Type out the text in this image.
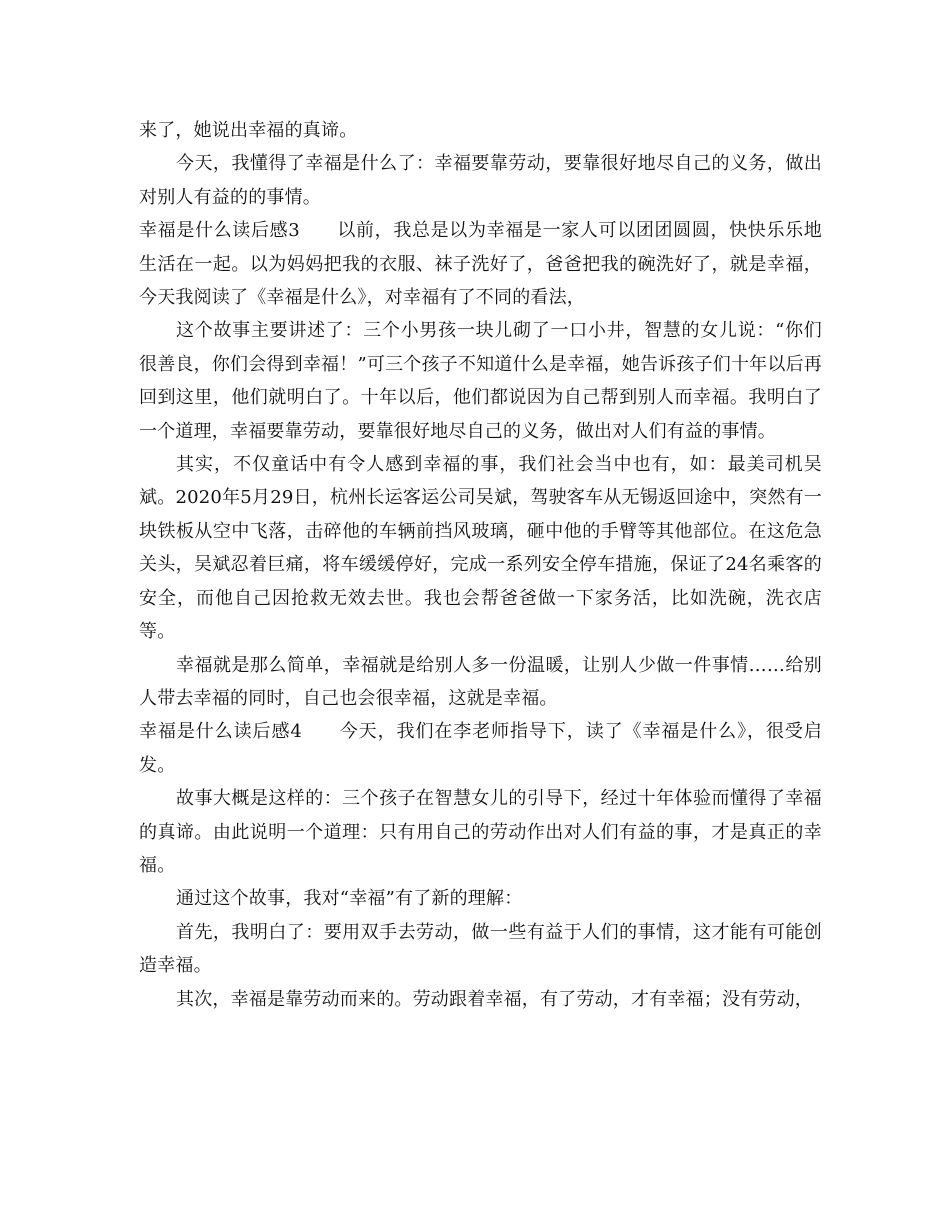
来了，她说出幸福的真谛。

今天，我懂得了幸福是什么了：幸福要靠劳动，要靠很好地尽自己的义务，做出对别人有益的的事情。

幸福是什么读后感3 以前，我总是以为幸福是一家人可以团团圆圆，快快乐乐地生活在一起。以为妈妈把我的衣服、袜子洗好了，爸爸把我的碗洗好了，就是幸福，今天我阅读了《幸福是什么》，对幸福有了不同的看法，

这个故事主要讲述了：三个小男孩一块儿砌了一口小井，智慧的女儿说：“你们很善良，你们会得到幸福！”可三个孩子不知道什么是幸福，她告诉孩子们十年以后再回到这里，他们就明白了。十年以后，他们都说因为自己帮到别人而幸福。我明白了一个道理，幸福要靠劳动，要靠很好地尽自己的义务，做出对人们有益的事情。

其实，不仅童话中有令人感到幸福的事，我们社会当中也有，如：最美司机吴斌。2020年5月29日，杭州长运客运公司吴斌，驾驶客车从无锡返回途中，突然有一块铁板从空中飞落，击碎他的车辆前挡风玻璃，砸中他的手臂等其他部位。在这危急关头，吴斌忍着巨痛，将车缓缓停好，完成一系列安全停车措施，保证了24名乘客的安全，而他自己因抢救无效去世。我也会帮爸爸做一下家务活，比如洗碗，洗衣店等。

幸福就是那么简单，幸福就是给别人多一份温暖，让别人少做一件事情……给别人带去幸福的同时，自己也会很幸福，这就是幸福。

幸福是什么读后感4 今天，我们在李老师指导下，读了《幸福是什么》，很受启发。

故事大概是这样的：三个孩子在智慧女儿的引导下，经过十年体验而懂得了幸福的真谛。由此说明一个道理：只有用自己的劳动作出对人们有益的事，才是真正的幸福。

通过这个故事，我对“幸福”有了新的理解：

首先，我明白了：要用双手去劳动，做一些有益于人们的事情，这才能有可能创造幸福。

其次，幸福是靠劳动而来的。劳动跟着幸福，有了劳动，才有幸福；没有劳动，
